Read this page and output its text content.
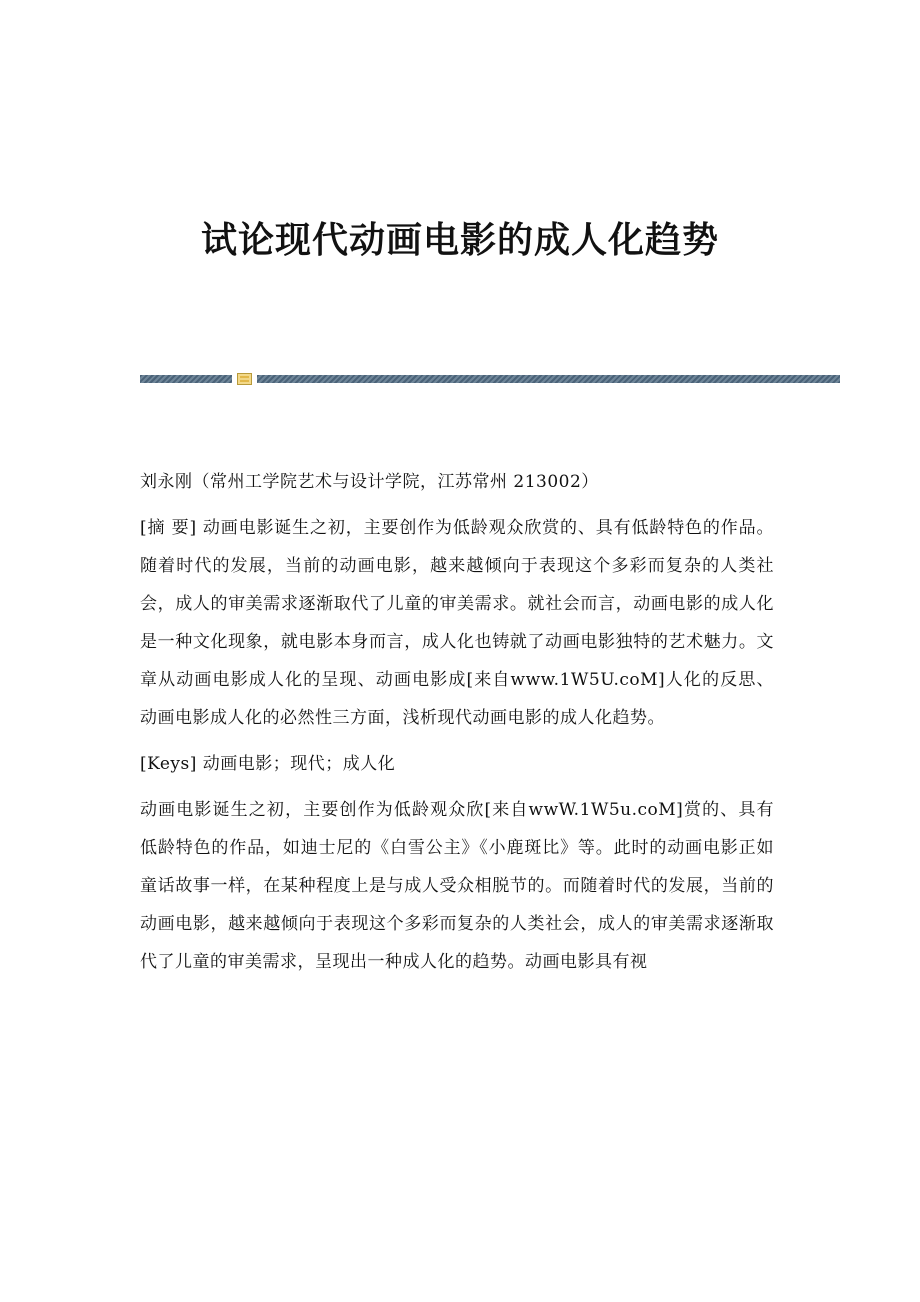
试论现代动画电影的成人化趋势

刘永刚（常州工学院艺术与设计学院，江苏常州 213002）

[摘 要] 动画电影诞生之初，主要创作为低龄观众欣赏的、具有低龄特色的作品。随着时代的发展，当前的动画电影，越来越倾向于表现这个多彩而复杂的人类社会，成人的审美需求逐渐取代了儿童的审美需求。就社会而言，动画电影的成人化是一种文化现象，就电影本身而言，成人化也铸就了动画电影独特的艺术魅力。文章从动画电影成人化的呈现、动画电影成[来自www.1W5U.coM]人化的反思、动画电影成人化的必然性三方面，浅析现代动画电影的成人化趋势。

[Keys] 动画电影；现代；成人化

动画电影诞生之初，主要创作为低龄观众欣[来自wwW.1W5u.coM]赏的、具有低龄特色的作品，如迪士尼的《白雪公主》《小鹿斑比》等。此时的动画电影正如童话故事一样，在某种程度上是与成人受众相脱节的。而随着时代的发展，当前的动画电影，越来越倾向于表现这个多彩而复杂的人类社会，成人的审美需求逐渐取代了儿童的审美需求，呈现出一种成人化的趋势。动画电影具有视
